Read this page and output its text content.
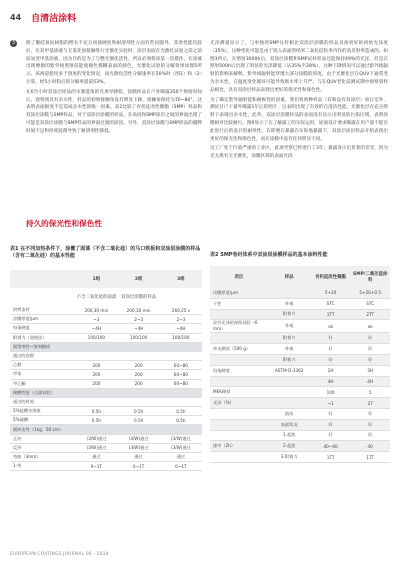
44 自清洁涂料
3	除了聚硅氧烷树脂的憎水不充分而使硬度和耐溶剂性方面有些问题外，其余性能均较好，在双甲基涂液与无氯化固接触进行光催化实验时，涂层表面在光催化试验之前之前较易变甲基涂液，因为目的是为了与整光催化活性，所以必须将涂第一次摸作。在涂液出现摩擦的紫外线照射前能使褪色模糊表面的颜色，光催化试验的分解效果如图5所示。该两道使用多于溶度的变化情况，而光催化活性分解速率在50%时（图1）和（2）计算，经5小时粉后的分解率提前53%。

在6至小时双涂层样品的水皱能角的光诱导降低，涂膜样品在户外曝露350个射接时间后，观察到具有亲水性，样品的初始接触角没有明显下降，接触角保持为70~80°。这表明表面极度不是造成亲水性的唯一因素。表2比较了有机硅改性聚酯（SMP）样品和双涂层涂膜与SMP样品，对于双涂层涂膜的样品，在高度和SMP涂层之间的界面出现了可能是双涂层涂膜与SMP样品的界面过渡的原因。另外，双涂层涂膜与SMP样品的磁牌时间不足和厚度较薄导致了耐溶剂性降低。

光泽测量显示了，与单独的SMP这样相比双涂层涂膜的样品具备更好的初始光泽度（35%），这种变化可能是由于嵌入表面的纳米二氧化硅粒米内作的高反射率造成的。如图3所示，在照射3000h后，双涂层涂膜和SMP试样样品还能保持49%的光泽，但是在照射500h后出现了明显的光泽降低（从35%至28%），这种下降情况可以通过紫外线辐射的影响来解释，紫外线辐射能穿透大部分涂膜的厚度，由于光催化层在QUV下通常变为亲水性，在温度变化循环可能导致吸水率上升严。与在QUV老化前测试期中观察到样品相比，具有双涂层样品表现出更好的保光性和保色性。

为了确定紫外辐射能和耐候性的因素，我们将两种样品（有和没有双涂层）放在室外，测试甘户干量外曝露1年后的照片，这表明出现了有效的自清洁性能，光催化层在充分照射下表现出亲水性，此外，双涂层涂膜样品的表面没有显示出明显的污垢区域，表明涂膜相对比较耐污。图6显示了在了解露工的实际运用，屋面设计要求曝露在用户量不能在此进行后的设计的耐用性，在即便在暴露在实际地暴露下，双涂层涂层样品开始表现出更好的保光性和保色性，而在涂膜中没有任何明显不同。

这工厂处于污染严重的工业区，此项考察已经进行了3年，暴露显示出显著的差异，因为光关系有无光催化，涂曝区域的表面区段

持久的保光性和保色性
表1 在不同加热条件下，涂覆了面漆（不含二氧化硅）的马口铁板和双涂层涂膜的样品（含有二氧化硅）的基本性能
	1组	2组	3组
	不含二氧化硅的面漆	双涂层涂膜的样品	
烘烤条件	200,30 min	200,30 min	260,25 s
涂膜厚度/μm	~3	2~3	2~3
铅笔硬度	~4H	~4H	~4H
附着力（划格法）	100/100	100/100	100/100
耐溶剂性~溶剂擦拭			
通过的次数			
乙醇	200	200	60~80
甲苯	200	200	60~80
甲乙酮	200	200	60~80
耐酸性能（点滴试验）			
通过的时间			
5%盐酸水溶液	0.5h	0.5h	0.5h
5%硫酸	0.5h	0.5h	0.5h
耐冲击性（1kg，50 cm）			
正冲	(3/W)通过	(3/W)通过	(3/W)通过
反冲	(3/W)通过	(3/W)通过	(3/W)通过
弯曲（3mm）	通过	通过	通过
1-弯	0~1T	0~1T	0~1T
表2 SMP卷材体系中双涂层涂膜样品的基本涂料性能
项目	样品	有机硅改性聚酯	SMP/二氧化硅涂料
涂膜厚度/μm		5+20	5+20+0.5
干性	外观	STC	STC
	附着力	1TT	2TT
涂层光泽的保持试验（6 mm）	外观	ok	ok
	附着力	好	好
冲击测试（500 g）	外观	好	好
	附着力	好	好
铅笔硬度	ASTM-D-3362	2H	3H
		4H	4H
MEK擦拭		100	5
光泽（%）		~1	27
	流动	好	好
	表面状况	好	好
	1.起泡	好	好
漆中（2h）	2.起泡	40~60	40
	3.附着力	1TT	1TT
EUROPEAN COATINGS JOURNAL 06 · 2018
